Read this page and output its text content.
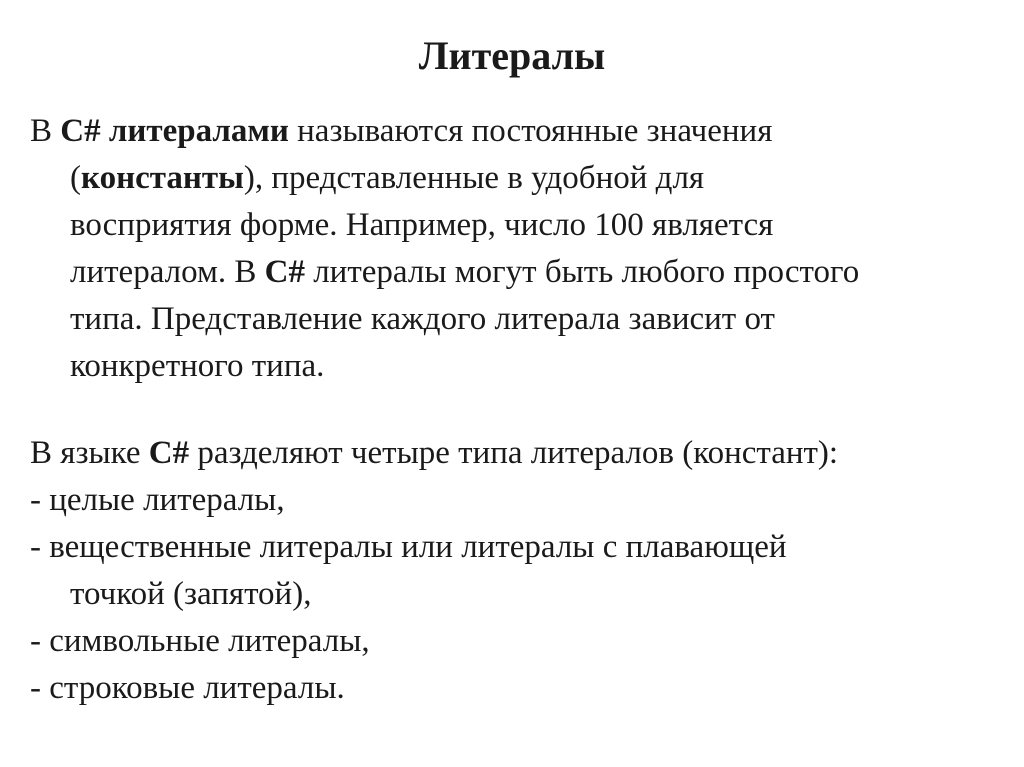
Литералы
В C# литералами называются постоянные значения
(константы), представленные в удобной для
восприятия форме. Например, число 100 является
литералом. В C# литералы могут быть любого простого
типа. Представление каждого литерала зависит от
конкретного типа.
В языке C# разделяют четыре типа литералов (констант):
- целые литералы,
- вещественные литералы или литералы с плавающей
точкой (запятой),
- символьные литералы,
- строковые литералы.
